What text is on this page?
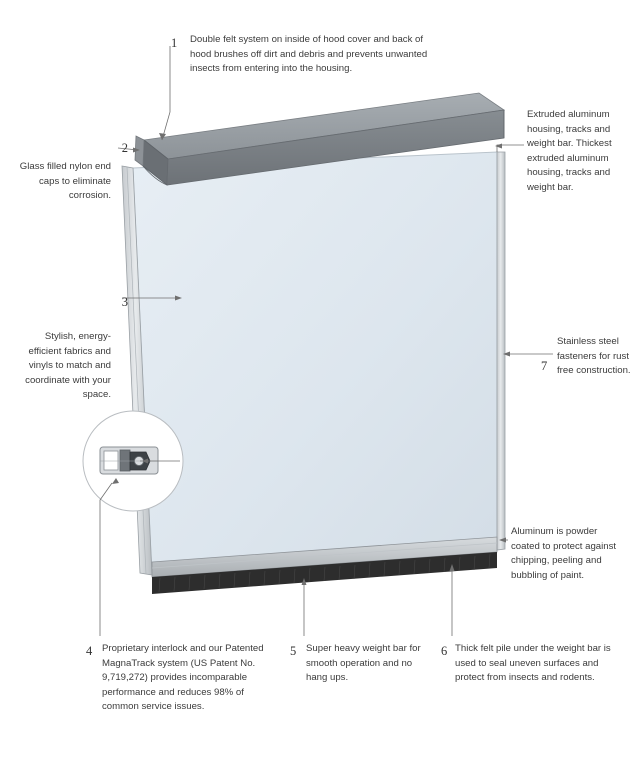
1 Double felt system on inside of hood cover and back of hood brushes off dirt and debris and prevents unwanted insects from entering into the housing.
2
Glass filled nylon end caps to eliminate corrosion.
3
Stylish, energy-efficient fabrics and vinyls to match and coordinate with your space.
4 Proprietary interlock and our Patented MagnaTrack system (US Patent No. 9,719,272) provides incomparable performance and reduces 98% of common service issues.
5 Super heavy weight bar for smooth operation and no hang ups.
6 Thick felt pile under the weight bar is used to seal uneven surfaces and protect from insects and rodents.
7
Stainless steel fasteners for rust free construction.
Extruded aluminum housing, tracks and weight bar. Thickest extruded aluminum housing, tracks and weight bar.
Aluminum is powder coated to protect against chipping, peeling and bubbling of paint.
